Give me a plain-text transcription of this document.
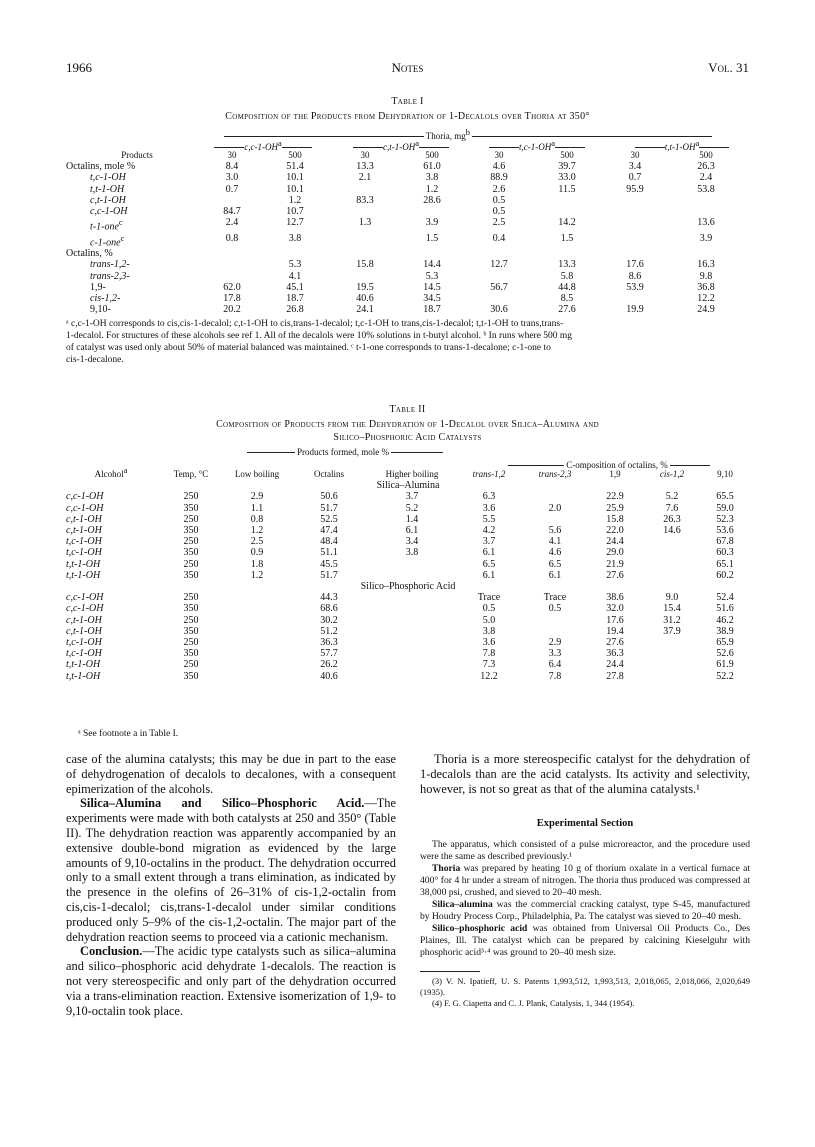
1966	Notes	Vol. 31
Table I
Composition of the Products from Dehydration of 1-Decalols over Thoria at 350°
Thoria, $mg^b$
$c,c-1-OH^a$	$c,t-1-OH^a$	$t,c-1-OH^a$	$t,t-1-OH^a$
Products	30	500	30	500	30	500	30	500
Octalins, mole %	8.4	51.4	13.3	61.0	4.6	39.7	3.4	26.3
t,c-1-OH	3.0	10.1	2.1	3.8	88.9	33.0	0.7	2.4
t,t-1-OH	0.7	10.1		1.2	2.6	11.5	95.9	53.8
c,t-1-OH		1.2	83.3	28.6	0.5			
c,c-1-OH	84.7	10.7			0.5			
t-1-one$^c$	2.4	12.7	1.3	3.9	2.5	14.2		13.6
c-1-one$^c$	0.8	3.8		1.5	0.4	1.5		3.9
Octalins, %								
trans-1,2-		5.3	15.8	14.4	12.7	13.3	17.6	16.3
trans-2,3-		4.1		5.3		5.8	8.6	9.8
1,9-	62.0	45.1	19.5	14.5	56.7	44.8	53.9	36.8
cis-1,2-	17.8	18.7	40.6	34.5		8.5		12.2
9,10-	20.2	26.8	24.1	18.7	30.6	27.6	19.9	24.9
ᵃ c,c-1-OH corresponds to cis,cis-1-decalol; c,t-1-OH to cis,trans-1-decalol; t,c-1-OH to trans,cis-1-decalol; t,t-1-OH to trans,trans-
1-decalol. For structures of these alcohols see ref 1. All of the decalols were 10% solutions in t-butyl alcohol. ᵇ In runs where 500 mg
of catalyst was used only about 50% of material balanced was maintained. ᶜ t-1-one corresponds to trans-1-decalone; c-1-one to
cis-1-decalone.
Table II
Composition of Products from the Dehydration of 1-Decalol over Silica–Alumina and
Silico–Phosphoric Acid Catalysts
Products formed, mole %
C-omposition of octalins, %
Alcohol$^a$	Temp, °C	Low boiling	Octalins	Higher boiling	trans-1,2	trans-2,3	1,9	cis-1,2	9,10
Silica–Alumina									
c,c-1-OH	250	2.9	50.6	3.7	6.3		22.9	5.2	65.5
c,c-1-OH	350	1.1	51.7	5.2	3.6	2.0	25.9	7.6	59.0
c,t-1-OH	250	0.8	52.5	1.4	5.5		15.8	26.3	52.3
c,t-1-OH	350	1.2	47.4	6.1	4.2	5.6	22.0	14.6	53.6
t,c-1-OH	250	2.5	48.4	3.4	3.7	4.1	24.4		67.8
t,c-1-OH	350	0.9	51.1	3.8	6.1	4.6	29.0		60.3
t,t-1-OH	250	1.8	45.5		6.5	6.5	21.9		65.1
t,t-1-OH	350	1.2	51.7		6.1	6.1	27.6		60.2
Silico–Phosphoric Acid									
c,c-1-OH	250		44.3		Trace	Trace	38.6	9.0	52.4
c,c-1-OH	350		68.6		0.5	0.5	32.0	15.4	51.6
c,t-1-OH	250		30.2		5.0		17.6	31.2	46.2
c,t-1-OH	350		51.2		3.8		19.4	37.9	38.9
t,c-1-OH	250		36.3		3.6	2.9	27.6		65.9
t,c-1-OH	350		57.7		7.8	3.3	36.3		52.6
t,t-1-OH	250		26.2		7.3	6.4	24.4		61.9
t,t-1-OH	350		40.6		12.2	7.8	27.8		52.2
ᵃ See footnote a in Table I.
case of the alumina catalysts; this may be due in part to the ease of dehydrogenation of decalols to decalones, with a consequent epimerization of the alcohols.
Silica–Alumina and Silico–Phosphoric Acid.—The experiments were made with both catalysts at 250 and 350° (Table II). The dehydration reaction was apparently accompanied by an extensive double-bond migration as evidenced by the large amounts of 9,10-octalins in the product. The dehydration occurred only to a small extent through a trans elimination, as indicated by the presence in the olefins of 26–31% of cis-1,2-octalin from cis,cis-1-decalol; cis,trans-1-decalol under similar conditions produced only 5–9% of the cis-1,2-octalin. The major part of the dehydration reaction seems to proceed via a cationic mechanism.
Conclusion.—The acidic type catalysts such as silica–alumina and silico–phosphoric acid dehydrate 1-decalols. The reaction is not very stereospecific and only part of the dehydration occurred via a trans-elimination reaction. Extensive isomerization of 1,9- to 9,10-octalin took place.
Thoria is a more stereospecific catalyst for the dehydration of 1-decalols than are the acid catalysts. Its activity and selectivity, however, is not so great as that of the alumina catalysts.¹
Experimental Section
The apparatus, which consisted of a pulse microreactor, and the procedure used were the same as described previously.¹
Thoria was prepared by heating 10 g of thorium oxalate in a vertical furnace at 400° for 4 hr under a stream of nitrogen. The thoria thus produced was compressed at 38,000 psi, crushed, and sieved to 20–40 mesh.
Silica–alumina was the commercial cracking catalyst, type S-45, manufactured by Houdry Process Corp., Philadelphia, Pa. The catalyst was sieved to 20–40 mesh.
Silico–phosphoric acid was obtained from Universal Oil Products Co., Des Plaines, Ill. The catalyst which can be prepared by calcining Kieselguhr with phosphoric acid³·⁴ was ground to 20–40 mesh size.
(3) V. N. Ipatieff, U. S. Patents 1,993,512, 1,993,513, 2,018,065, 2,018,066, 2,020,649 (1935).
(4) F. G. Ciapetta and C. J. Plank, Catalysis, 1, 344 (1954).
